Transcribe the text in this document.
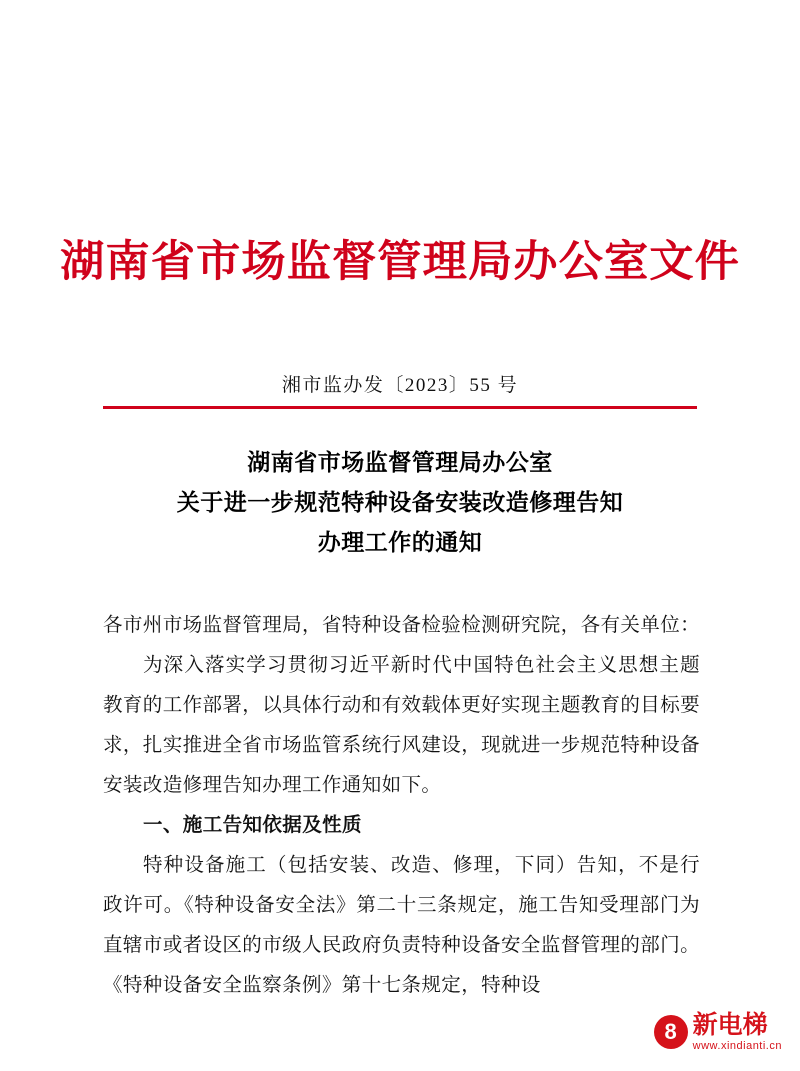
湖南省市场监督管理局办公室文件
湘市监办发〔2023〕55 号
湖南省市场监督管理局办公室
关于进一步规范特种设备安装改造修理告知
办理工作的通知

各市州市场监督管理局，省特种设备检验检测研究院，各有关单位：

为深入落实学习贯彻习近平新时代中国特色社会主义思想主题教育的工作部署，以具体行动和有效载体更好实现主题教育的目标要求，扎实推进全省市场监管系统行风建设，现就进一步规范特种设备安装改造修理告知办理工作通知如下。

一、施工告知依据及性质

特种设备施工（包括安装、改造、修理，下同）告知，不是行政许可。《特种设备安全法》第二十三条规定，施工告知受理部门为直辖市或者设区的市级人民政府负责特种设备安全监督管理的部门。《特种设备安全监察条例》第十七条规定，特种设

8 新电梯
www.xindianti.cn
